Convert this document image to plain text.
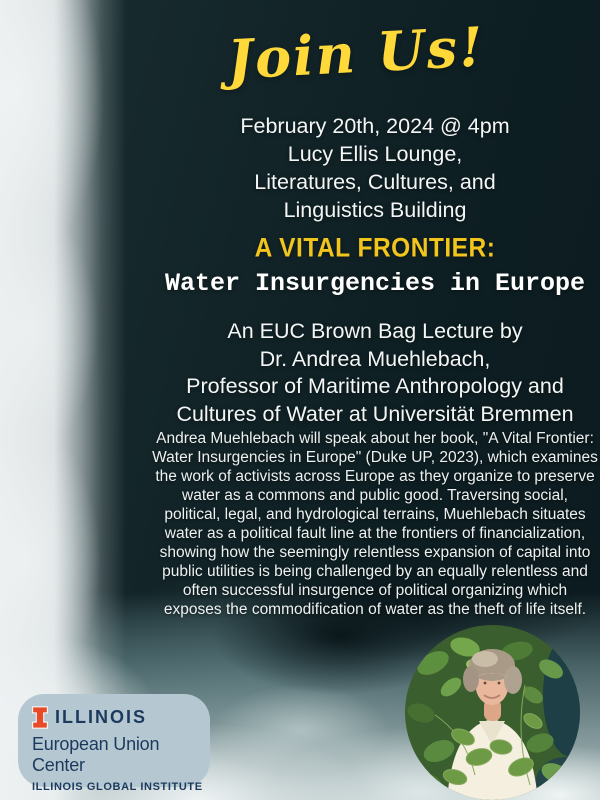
Join Us!
February 20th, 2024 @ 4pm
Lucy Ellis Lounge,
Literatures, Cultures, and
Linguistics Building
A VITAL FRONTIER:
Water Insurgencies in Europe
An EUC Brown Bag Lecture by
Dr. Andrea Muehlebach,
Professor of Maritime Anthropology and
Cultures of Water at Universität Bremmen
Andrea Muehlebach will speak about her book, "A Vital Frontier: Water Insurgencies in Europe" (Duke UP, 2023), which examines the work of activists across Europe as they organize to preserve water as a commons and public good. Traversing social, political, legal, and hydrological terrains, Muehlebach situates water as a political fault line at the frontiers of financialization, showing how the seemingly relentless expansion of capital into public utilities is being challenged by an equally relentless and often successful insurgence of political organizing which exposes the commodification of water as the theft of life itself.
ILLINOIS
European Union Center
ILLINOIS GLOBAL INSTITUTE
